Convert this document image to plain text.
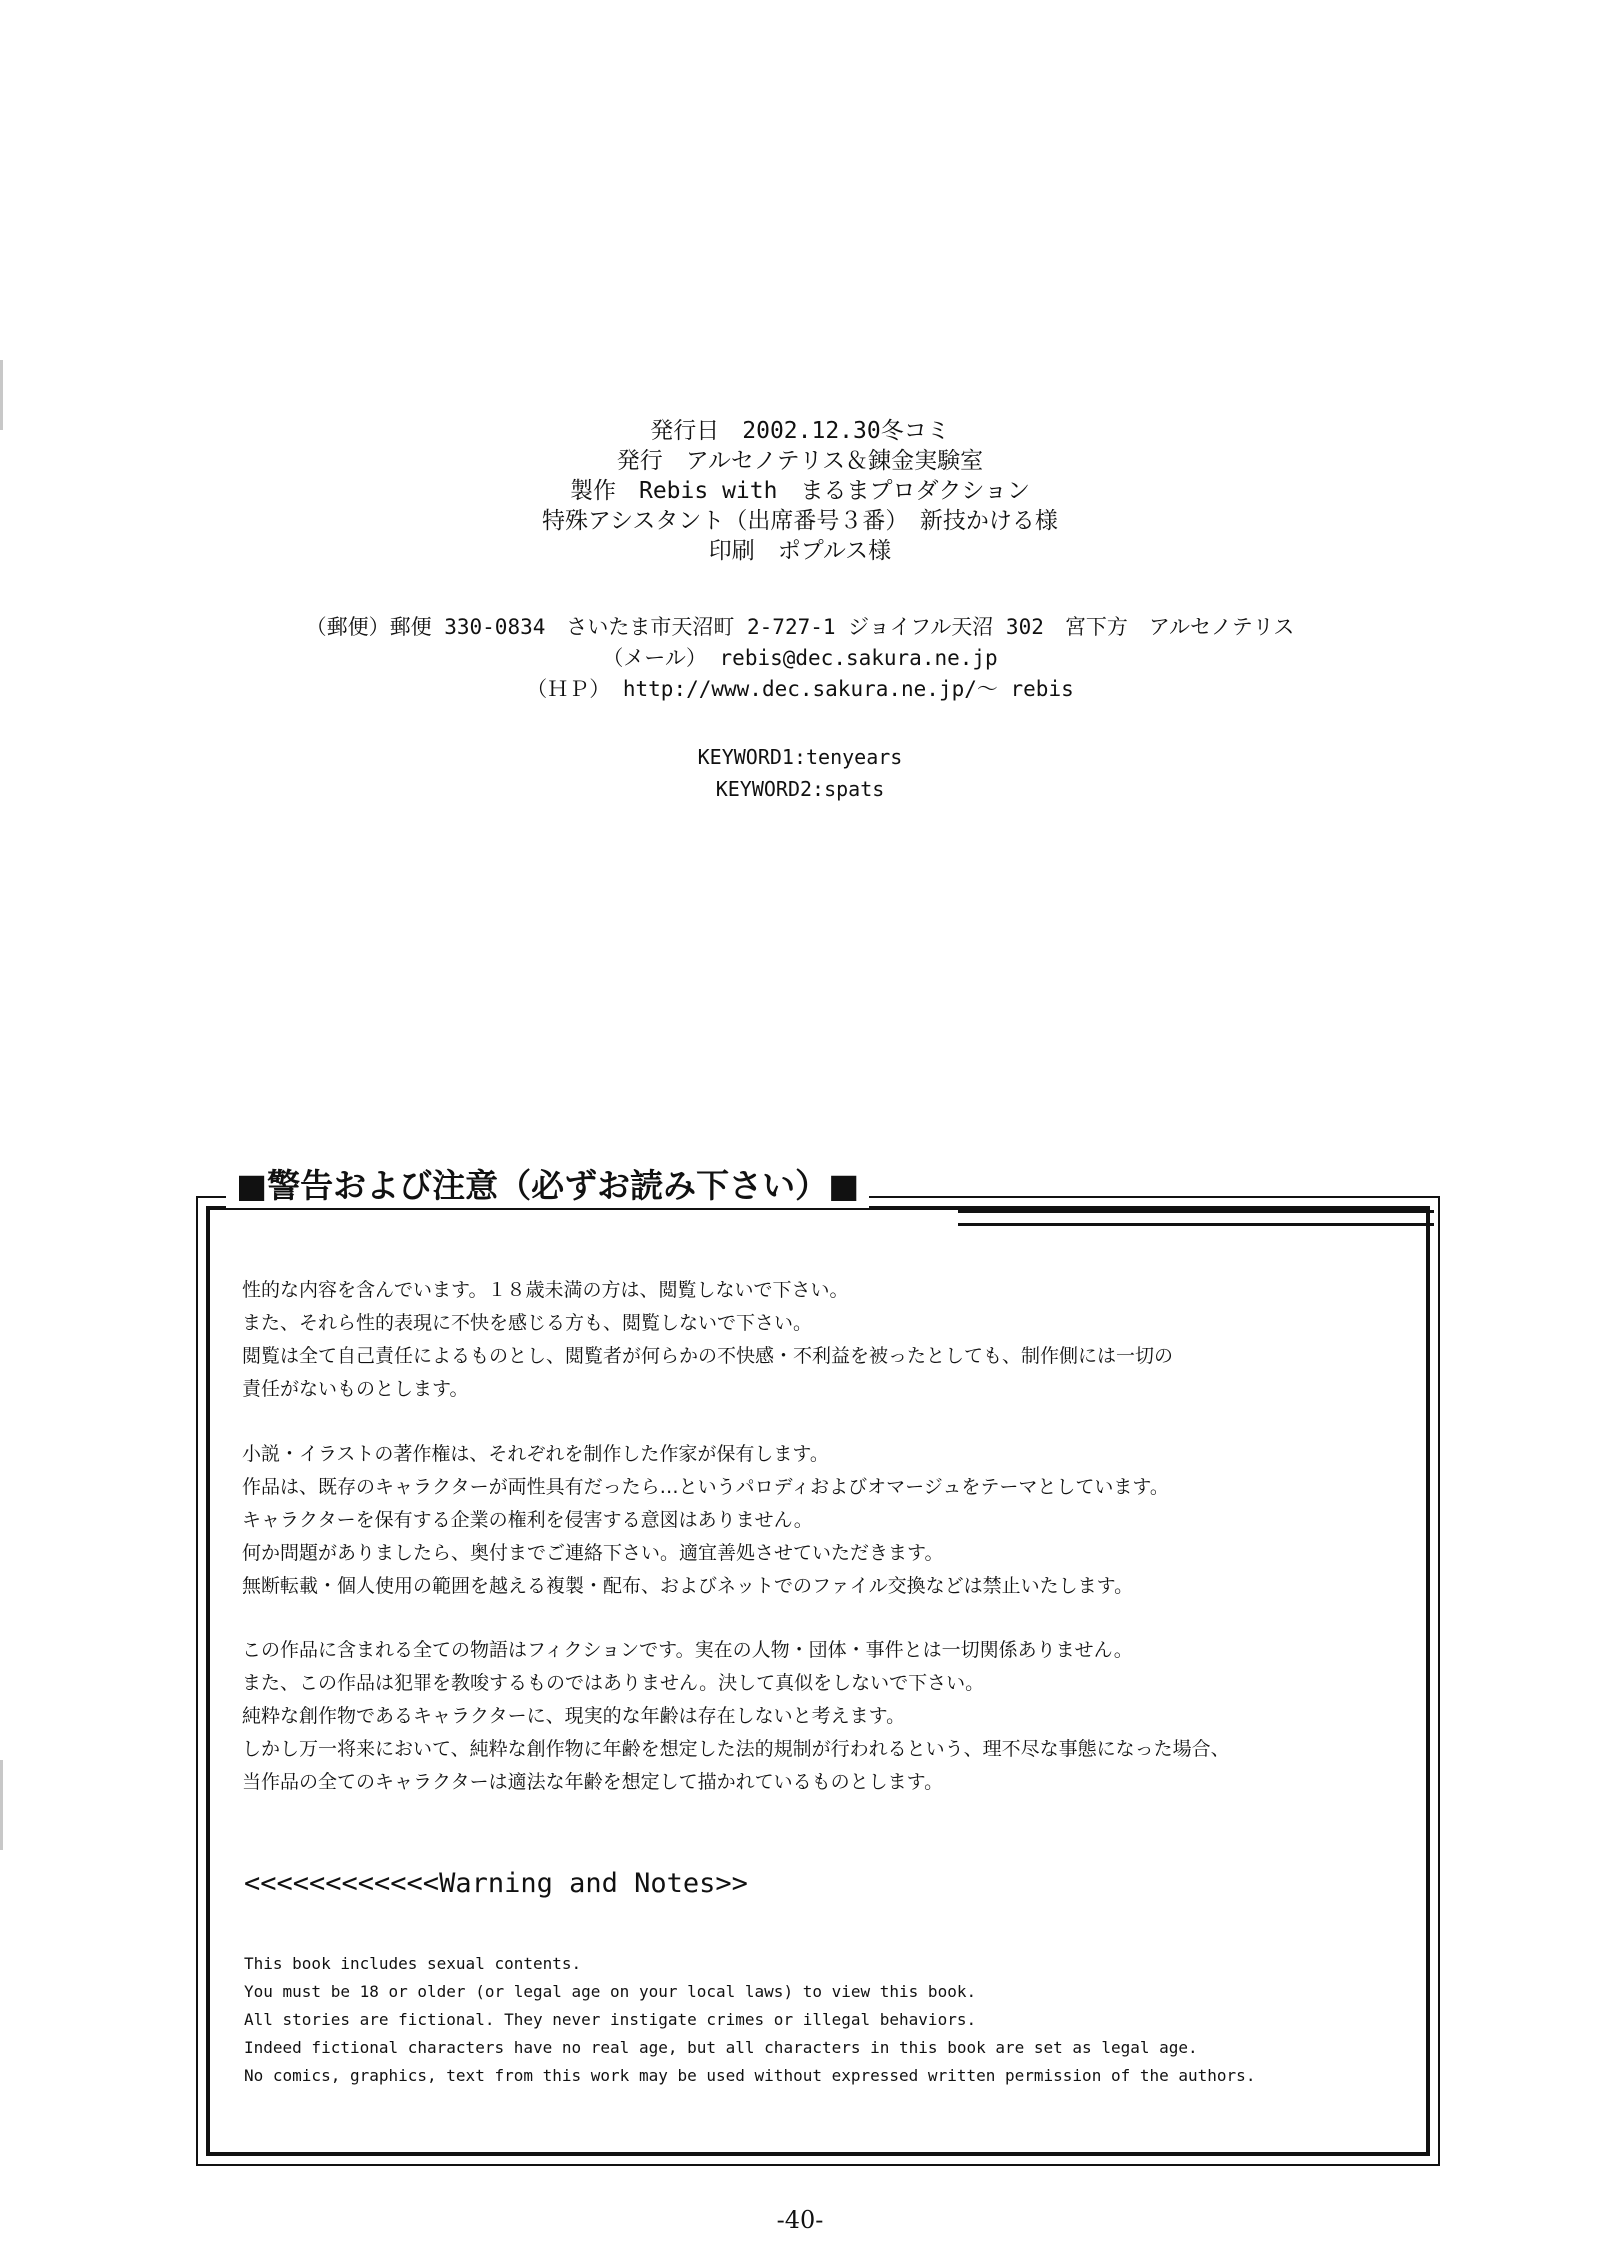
発行日　2002.12.30冬コミ
発行　アルセノテリス＆錬金実験室
製作　Rebis with　まるまプロダクション
特殊アシスタント（出席番号３番）　新技かける様
印刷　ポプルス様
（郵便）郵便 330-0834　さいたま市天沼町 2-727-1 ジョイフル天沼 302　宮下方　アルセノテリス
（メール） rebis@dec.sakura.ne.jp
（ＨＰ） http://www.dec.sakura.ne.jp/～ rebis
KEYWORD1:tenyears
KEYWORD2:spats
■警告および注意（必ずお読み下さい）■
性的な内容を含んでいます。１８歳未満の方は、閲覧しないで下さい。
また、それら性的表現に不快を感じる方も、閲覧しないで下さい。
閲覧は全て自己責任によるものとし、閲覧者が何らかの不快感・不利益を被ったとしても、制作側には一切の
責任がないものとします。
小説・イラストの著作権は、それぞれを制作した作家が保有します。
作品は、既存のキャラクターが両性具有だったら…というパロディおよびオマージュをテーマとしています。
キャラクターを保有する企業の権利を侵害する意図はありません。
何か問題がありましたら、奥付までご連絡下さい。適宜善処させていただきます。
無断転載・個人使用の範囲を越える複製・配布、およびネットでのファイル交換などは禁止いたします。
この作品に含まれる全ての物語はフィクションです。実在の人物・団体・事件とは一切関係ありません。
また、この作品は犯罪を教唆するものではありません。決して真似をしないで下さい。
純粋な創作物であるキャラクターに、現実的な年齢は存在しないと考えます。
しかし万一将来において、純粋な創作物に年齢を想定した法的規制が行われるという、理不尽な事態になった場合、
当作品の全てのキャラクターは適法な年齢を想定して描かれているものとします。
<<<<<<<<<<<<Warning and Notes>>
This book includes sexual contents.
You must be 18 or older (or legal age on your local laws) to view this book.
All stories are fictional. They never instigate crimes or illegal behaviors.
Indeed fictional characters have no real age, but all characters in this book are set as legal age.
No comics, graphics, text from this work may be used without expressed written permission of the authors.
-40-
